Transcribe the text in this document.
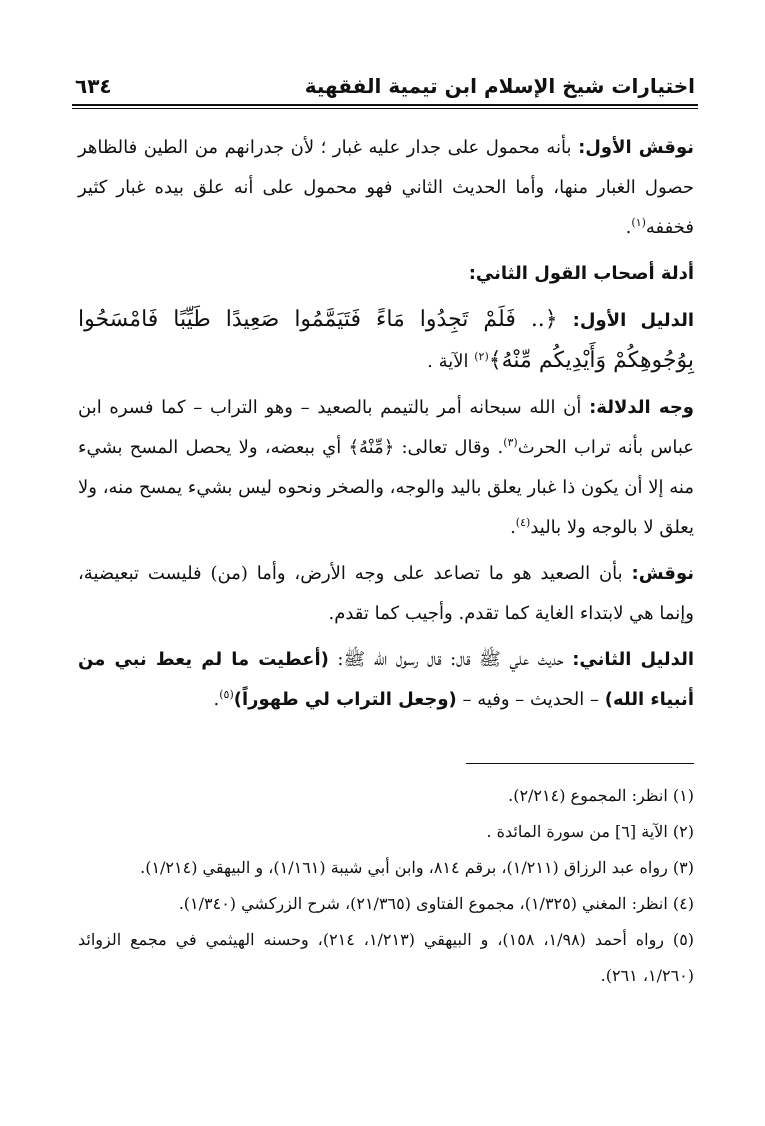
اختيارات شيخ الإسلام ابن تيمية الفقهية
٦٣٤

نوقش الأول: بأنه محمول على جدار عليه غبار ؛ لأن جدرانهم من الطين فالظاهر حصول الغبار منها، وأما الحديث الثاني فهو محمول على أنه علق بيده غبار كثير فخففه$^{(١)}$.

أدلة أصحاب القول الثاني:

الدليل الأول: ﴿.. فَلَمْ تَجِدُوا مَاءً فَتَيَمَّمُوا صَعِيدًا طَيِّبًا فَامْسَحُوا بِوُجُوهِكُمْ وَأَيْدِيكُم مِّنْهُ﴾$^{(٢)}$ الآية .

وجه الدلالة: أن الله سبحانه أمر بالتيمم بالصعيد – وهو التراب – كما فسره ابن عباس بأنه تراب الحرث$^{(٣)}$. وقال تعالى: ﴿مِّنْهُ﴾ أي ببعضه، ولا يحصل المسح بشيء منه إلا أن يكون ذا غبار يعلق باليد والوجه، والصخر ونحوه ليس بشيء يمسح منه، ولا يعلق لا بالوجه ولا باليد$^{(٤)}$.

نوقش: بأن الصعيد هو ما تصاعد على وجه الأرض، وأما (من) فليست تبعيضية، وإنما هي لابتداء الغاية كما تقدم. وأجيب كما تقدم.

الدليل الثاني: حديث علي ﷺ قال: قال رسول الله ﷺ: (أعطيت ما لم يعط نبي من أنبياء الله) – الحديث – وفيه – (وجعل التراب لي طهوراً)$^{(٥)}$.

(١) انظر: المجموع (٢/٢١٤).

(٢) الآية [٦] من سورة المائدة .

(٣) رواه عبد الرزاق (١/٢١١)، برقم ٨١٤، وابن أبي شيبة (١/١٦١)، و البيهقي (١/٢١٤).

(٤) انظر: المغني (١/٣٢٥)، مجموع الفتاوى (٢١/٣٦٥)، شرح الزركشي (١/٣٤٠).

(٥) رواه أحمد (١/٩٨، ١٥٨)، و البيهقي (١/٢١٣، ٢١٤)، وحسنه الهيثمي في مجمع الزوائد (١/٢٦٠، ٢٦١).
